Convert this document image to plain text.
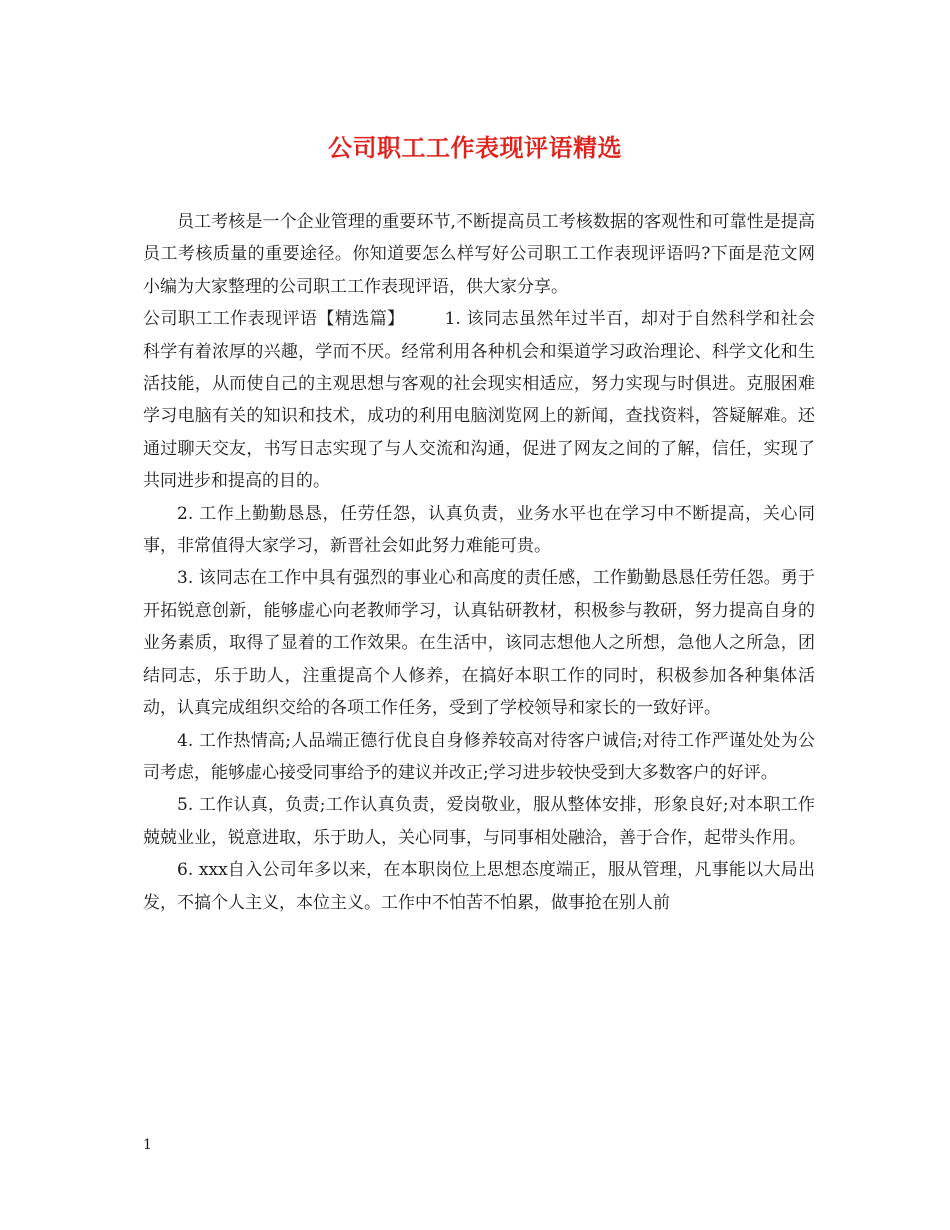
公司职工工作表现评语精选

员工考核是一个企业管理的重要环节,不断提高员工考核数据的客观性和可靠性是提高员工考核质量的重要途径。你知道要怎么样写好公司职工工作表现评语吗?下面是范文网小编为大家整理的公司职工工作表现评语，供大家分享。

公司职工工作表现评语【精选篇】 1. 该同志虽然年过半百，却对于自然科学和社会科学有着浓厚的兴趣，学而不厌。经常利用各种机会和渠道学习政治理论、科学文化和生活技能，从而使自己的主观思想与客观的社会现实相适应，努力实现与时俱进。克服困难学习电脑有关的知识和技术，成功的利用电脑浏览网上的新闻，查找资料，答疑解难。还通过聊天交友，书写日志实现了与人交流和沟通，促进了网友之间的了解，信任，实现了共同进步和提高的目的。

2. 工作上勤勤恳恳，任劳任怨，认真负责，业务水平也在学习中不断提高，关心同事，非常值得大家学习，新晋社会如此努力难能可贵。

3. 该同志在工作中具有强烈的事业心和高度的责任感，工作勤勤恳恳任劳任怨。勇于开拓锐意创新，能够虚心向老教师学习，认真钻研教材，积极参与教研，努力提高自身的业务素质，取得了显着的工作效果。在生活中，该同志想他人之所想，急他人之所急，团结同志，乐于助人，注重提高个人修养，在搞好本职工作的同时，积极参加各种集体活动，认真完成组织交给的各项工作任务，受到了学校领导和家长的一致好评。

4. 工作热情高;人品端正德行优良自身修养较高对待客户诚信;对待工作严谨处处为公司考虑，能够虚心接受同事给予的建议并改正;学习进步较快受到大多数客户的好评。

5. 工作认真，负责;工作认真负责，爱岗敬业，服从整体安排，形象良好;对本职工作兢兢业业，锐意进取，乐于助人，关心同事，与同事相处融洽，善于合作，起带头作用。

6. xxx自入公司年多以来，在本职岗位上思想态度端正，服从管理，凡事能以大局出发，不搞个人主义，本位主义。工作中不怕苦不怕累，做事抢在别人前

1
